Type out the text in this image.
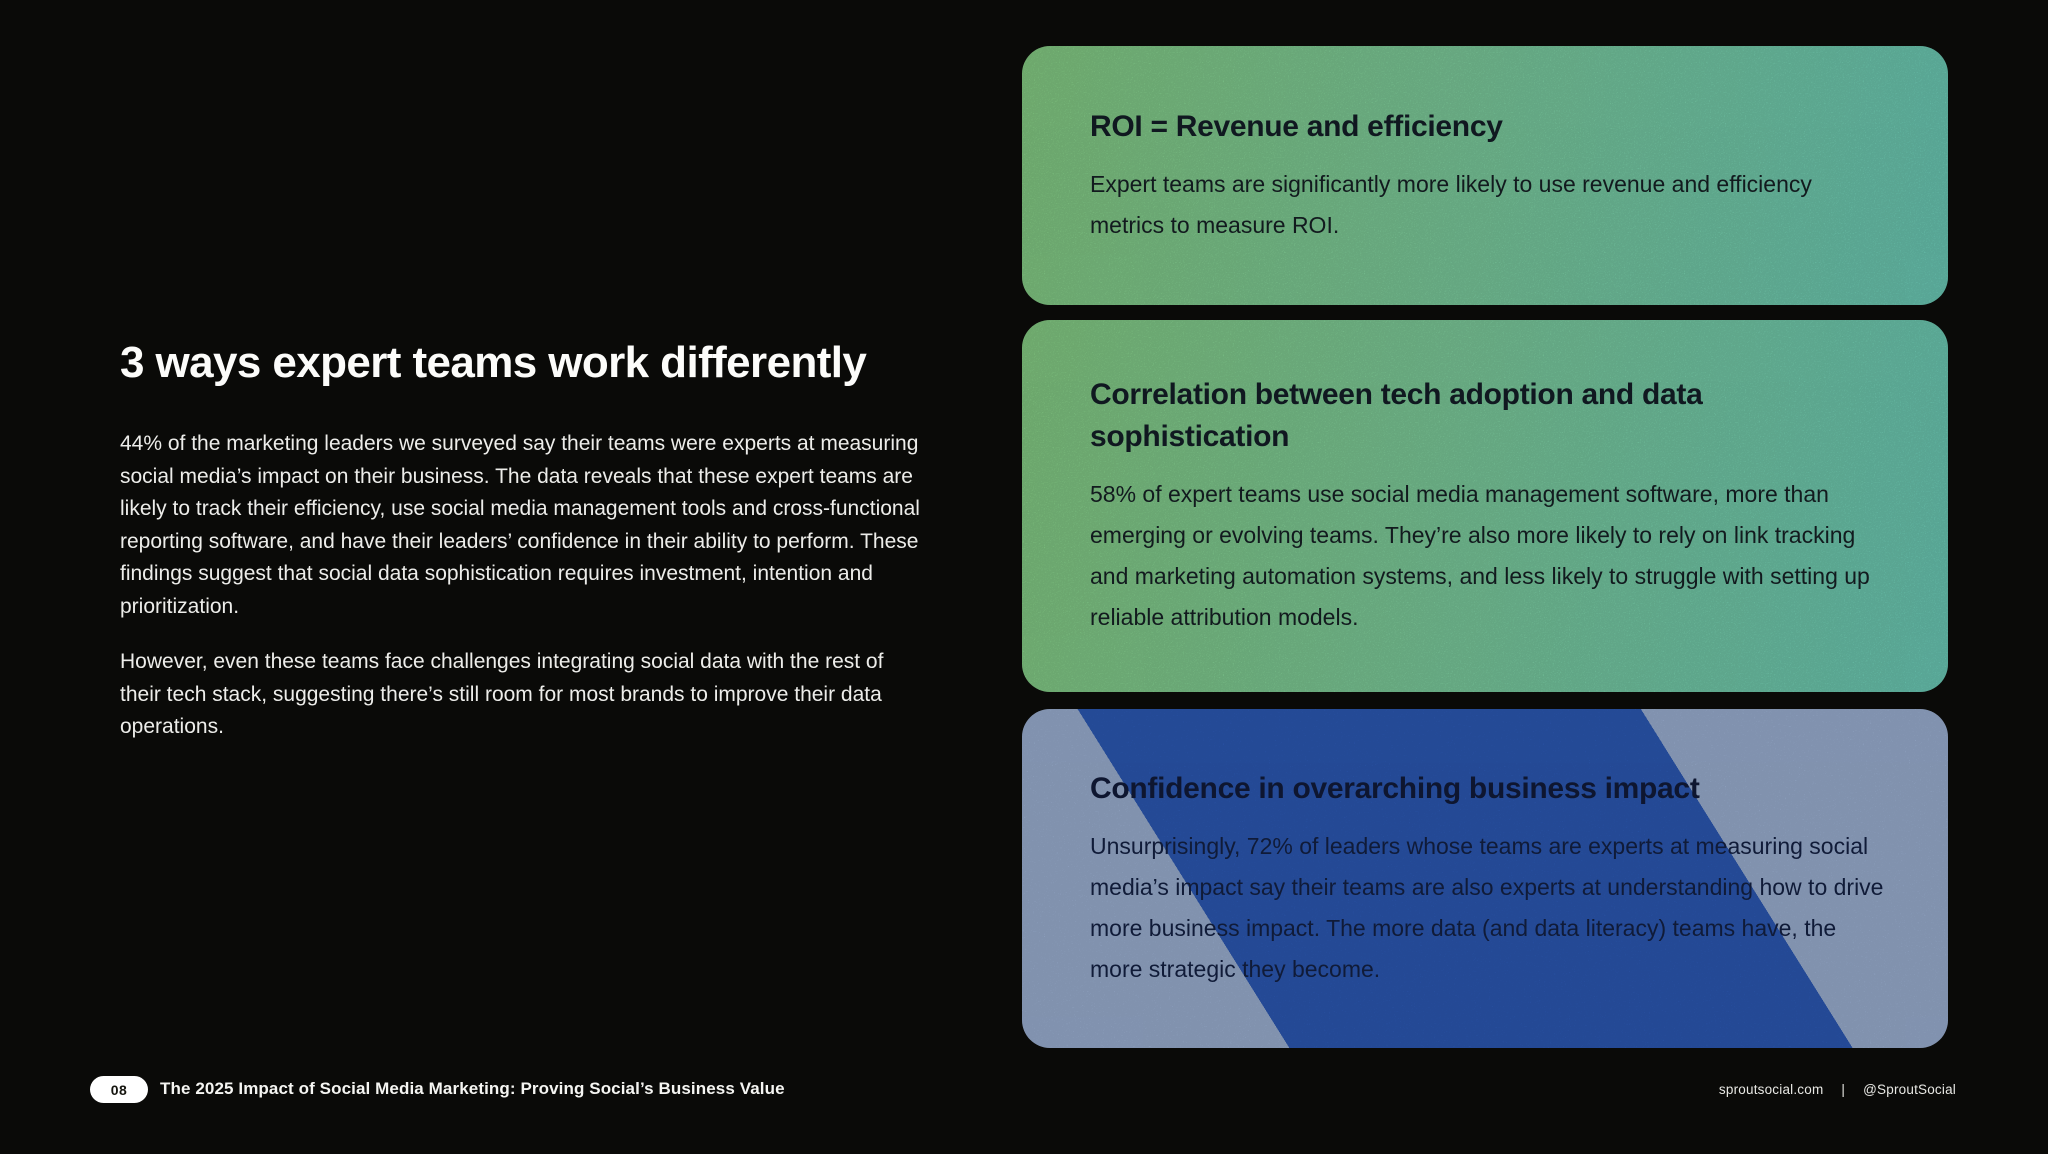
3 ways expert teams work differently

44% of the marketing leaders we surveyed say their teams were experts at measuring social media’s impact on their business. The data reveals that these expert teams are likely to track their efficiency, use social media management tools and cross-functional reporting software, and have their leaders’ confidence in their ability to perform. These findings suggest that social data sophistication requires investment, intention and prioritization.

However, even these teams face challenges integrating social data with the rest of their tech stack, suggesting there’s still room for most brands to improve their data operations.

ROI = Revenue and efficiency
Expert teams are significantly more likely to use revenue and efficiency metrics to measure ROI.
Correlation between tech adoption and data sophistication
58% of expert teams use social media management software, more than emerging or evolving teams. They’re also more likely to rely on link tracking and marketing automation systems, and less likely to struggle with setting up reliable attribution models.
Confidence in overarching business impact
Unsurprisingly, 72% of leaders whose teams are experts at measuring social media’s impact say their teams are also experts at understanding how to drive more business impact. The more data (and data literacy) teams have, the more strategic they become.
08	The 2025 Impact of Social Media Marketing: Proving Social’s Business Value	sproutsocial.com | @SproutSocial
